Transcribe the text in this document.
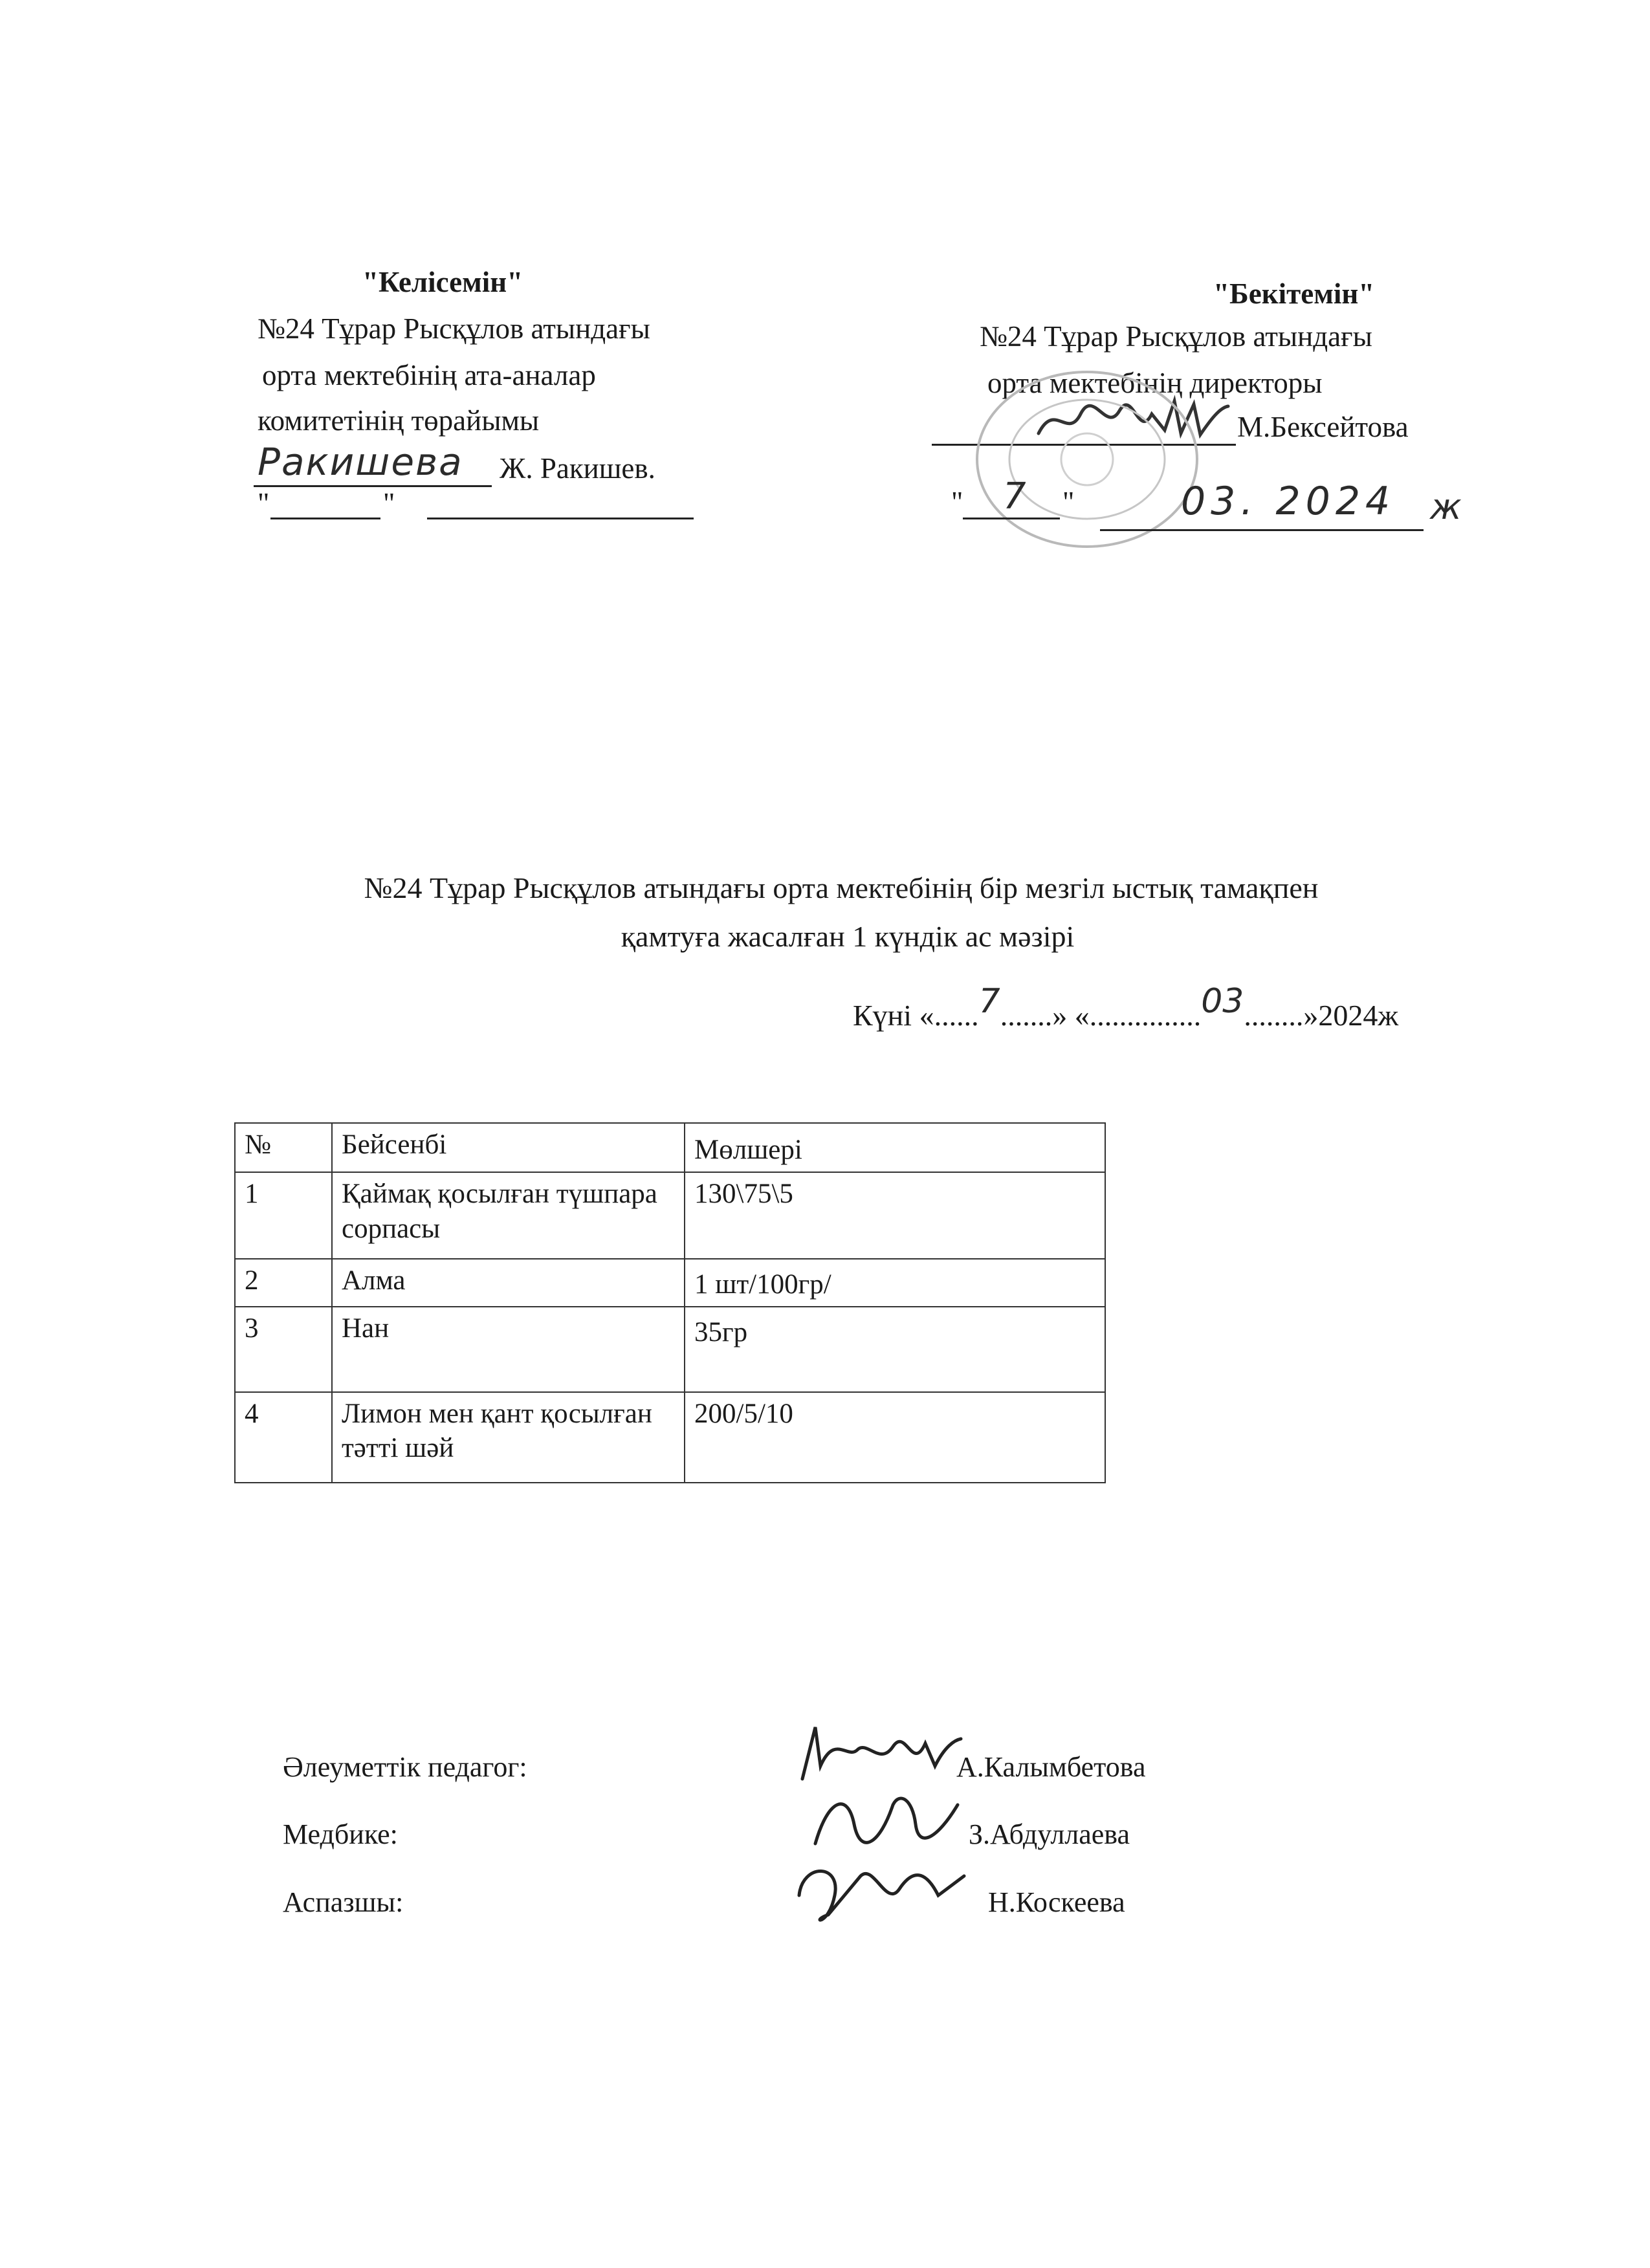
"Келісемін"
№24 Тұрар Рысқұлов атындағы
орта мектебінің ата-аналар
комитетінің төрайымы
Ракишева Ж. Ракишев.
"	"
"Бекітемін"
№24 Тұрар Рысқұлов атындағы
орта мектебінің директоры
М.Бексейтова
" 7 "	03. 2024 ж
№24 Тұрар Рысқұлов атындағы орта мектебінің бір мезгіл ыстық тамақпен
қамтуға жасалған 1 күндік ас мәзірі
Күні «......7.......» «...............03........»2024ж
№	Бейсенбі	Мөлшері
1	Қаймақ қосылған түшпара сорпасы	130\75\5
2	Алма	1 шт/100гр/
3	Нан	35гр
4	Лимон мен қант қосылған тәтті шәй	200/5/10
Әлеуметтік педагог:	А.Калымбетова
Медбике:	З.Абдуллаева
Аспазшы:	Н.Коскеева
